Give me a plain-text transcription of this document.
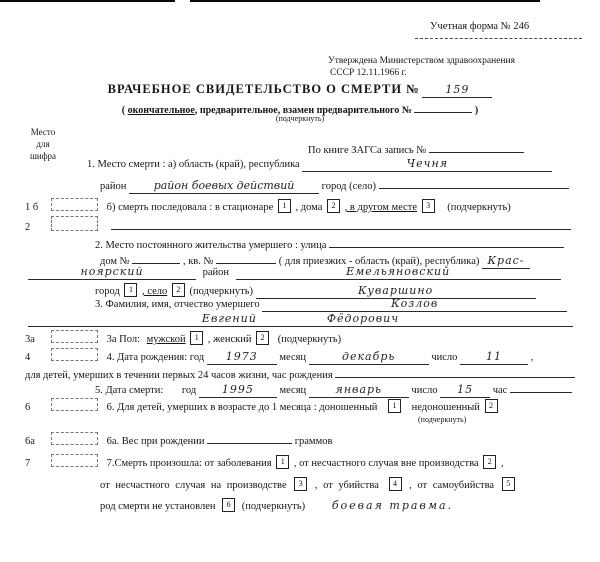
Учетная форма № 246
Утверждена Министерством здравоохранения
СССР 12.11.1966 г.
ВРАЧЕБНОЕ СВИДЕТЕЛЬСТВО О СМЕРТИ № 159
( окончательное, предварительное, взамен предварительного №	)
(подчеркнуть)
Место
для
шифра	По книге ЗАГСа запись №
1. Место смерти : а) область (край), республика	Чечня
район район боевых действий	город (село)
1 б	б) смерть последовала : в стационаре 1 , дома 2 , в другом месте 3 (подчеркнуть)
2
2. Место постоянного жительства умершего : улица
дом №	, кв. №	( для приезжих - область (край), республика) Крас-
ноярский	район	Емельяновский
город 1 , село 2 (подчеркнуть)	Куваршино
3. Фамилия, имя, отчество умершего	Козлов
Евгений	Фёдорович
3а	3а Пол: мужской 1 , женский 2 (подчеркнуть)
4	4. Дата рождения: год 1973 месяц	декабрь	число	11	,
для детей, умерших в течении первых 24 часов жизни, час рождения
5. Дата смерти: год 1995 месяц	январь	число 15 час
6	6. Для детей, умерших в возрасте до 1 месяца : доношенный 1 недоношенный 2
(подчеркнуть)
6а	6а. Вес при рождении	граммов
7	7.Смерть произошла: от заболевания 1 , от несчастного случая вне производства 2 ,
от несчастного случая на производстве 3 , от убийства 4 , от самоубийства 5
род смерти не установлен 6 (подчеркнуть) боевая травма.
